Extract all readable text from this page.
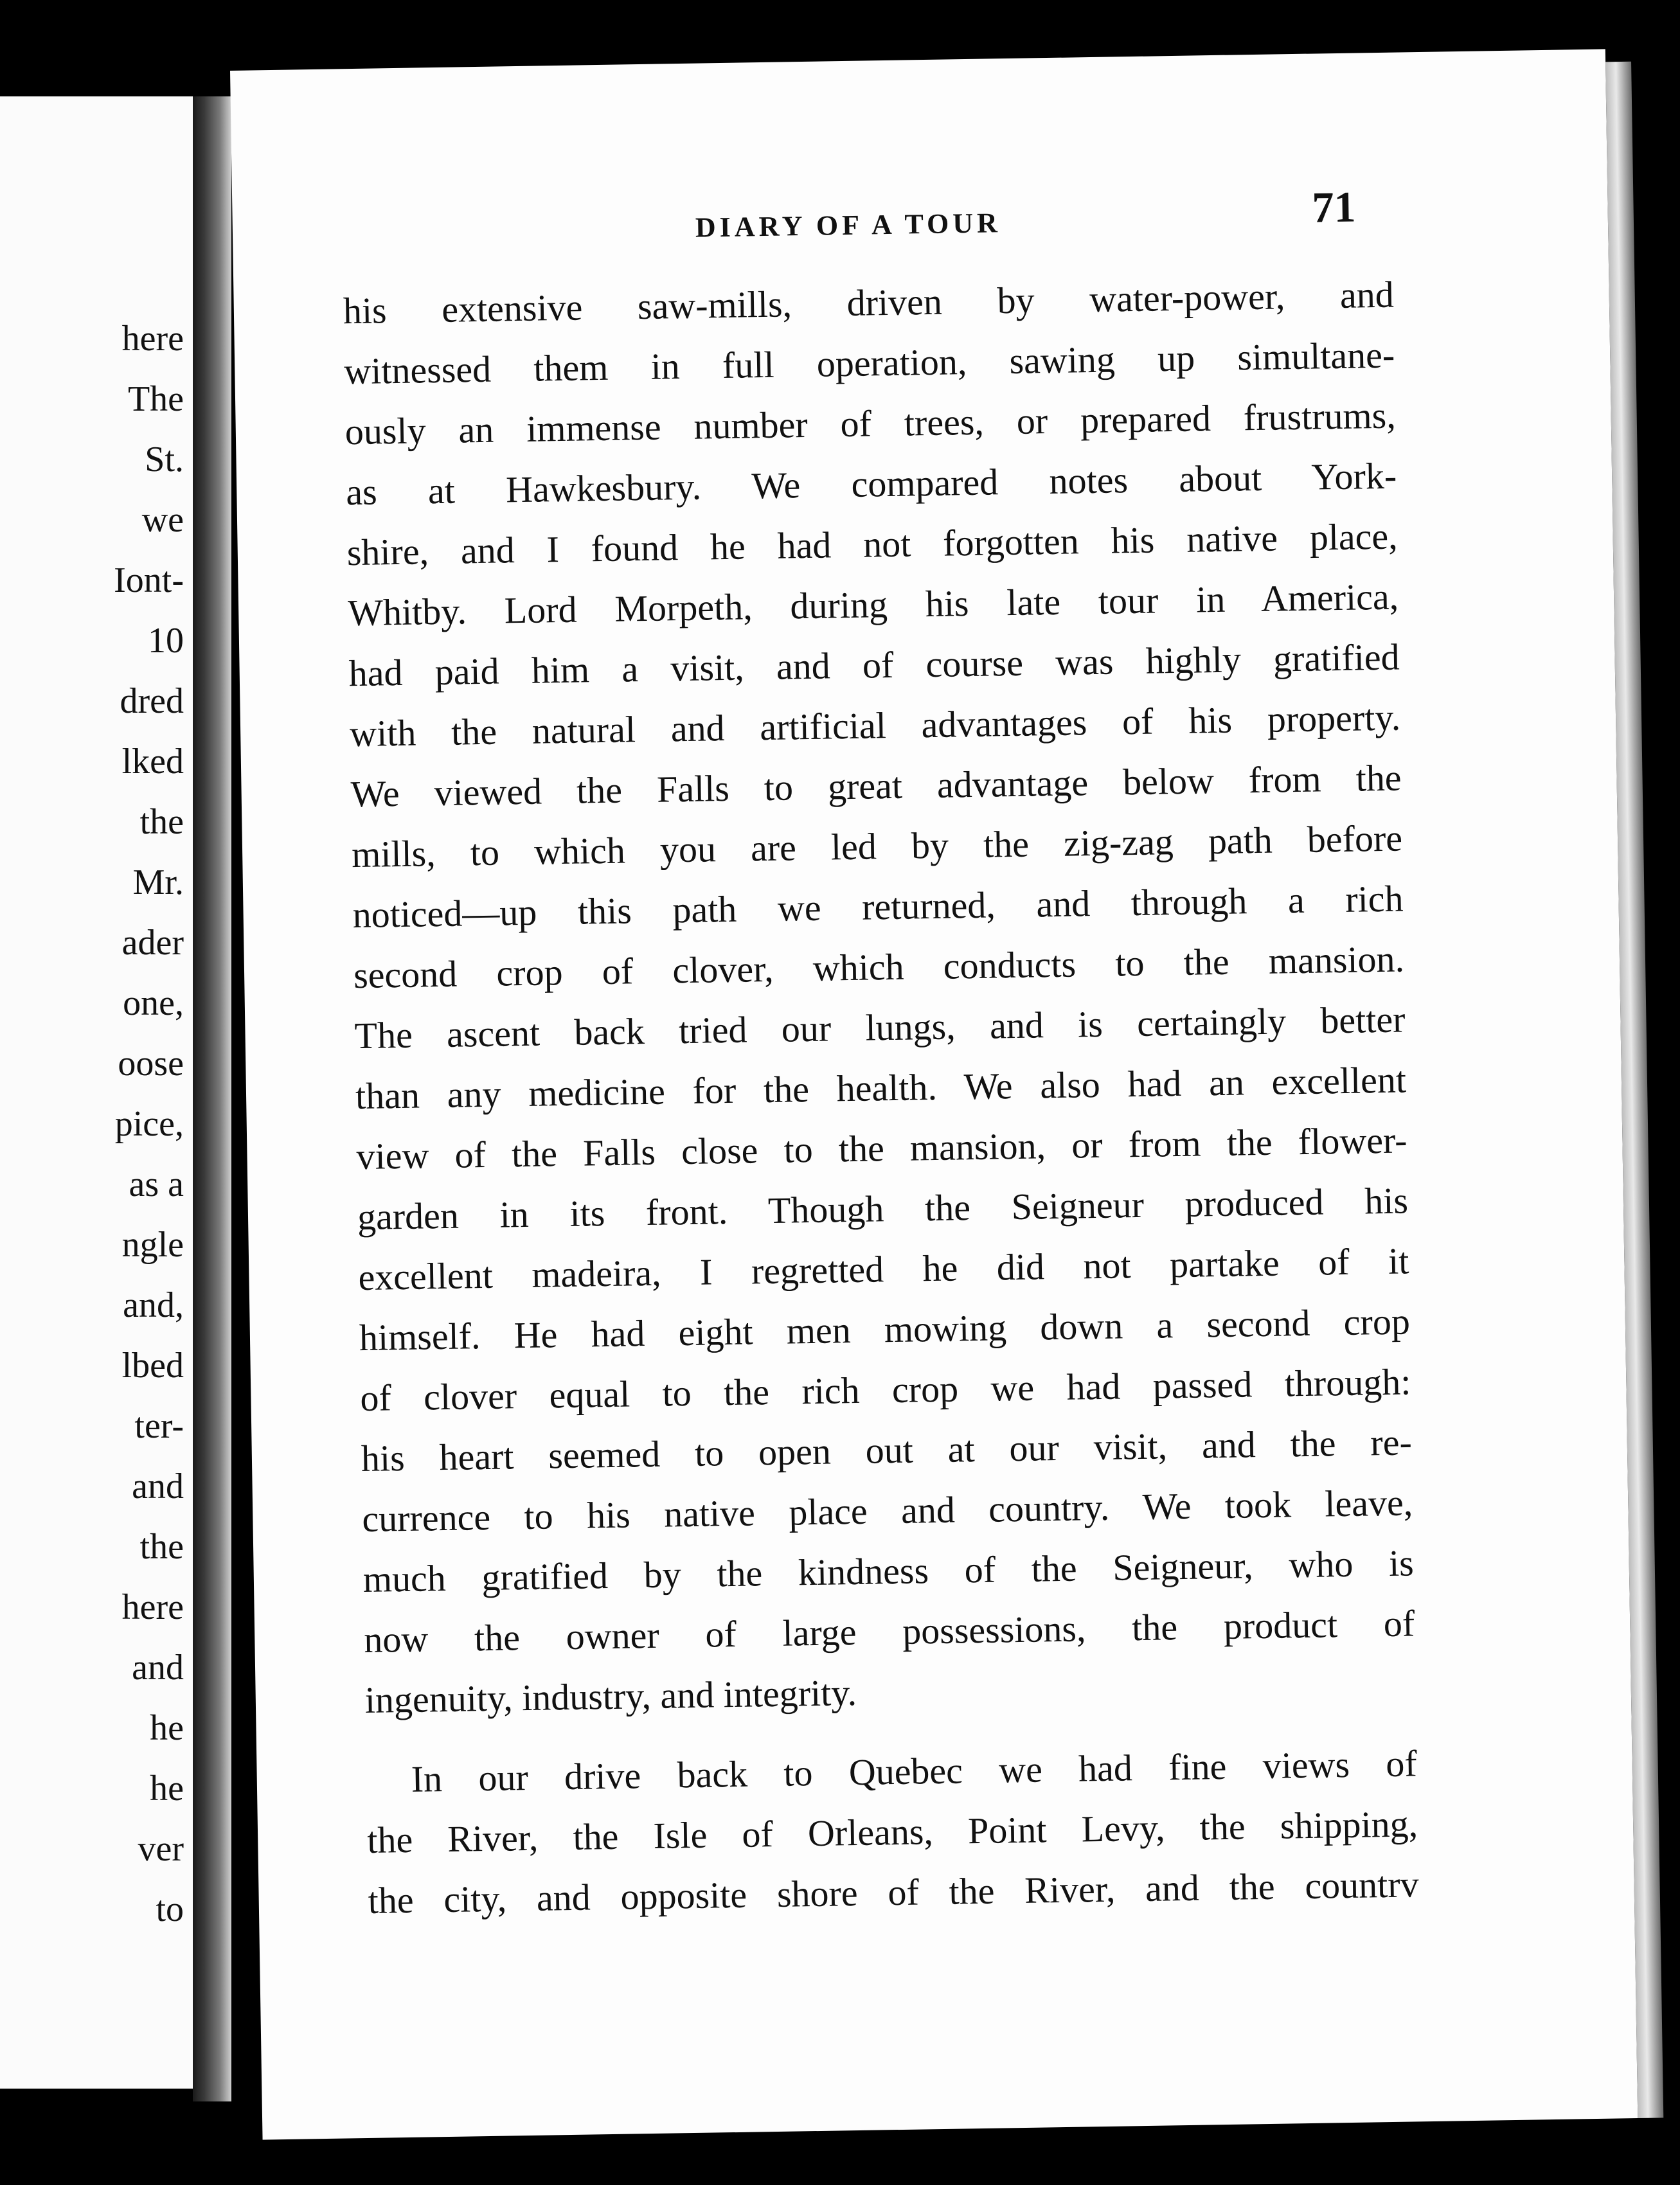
here
The
St.
we
Iont-
10
dred
lked
the
Mr.
ader
one,
oose
pice,
as a
ngle
and,
lbed
ter-
and
the
here
and
he
he
ver
to
DIARY OF A TOUR	71
his extensive saw-mills, driven by water-power, and
witnessed them in full operation, sawing up simultane-
ously an immense number of trees, or prepared frustrums,
as at Hawkesbury. We compared notes about York-
shire, and I found he had not forgotten his native place,
Whitby. Lord Morpeth, during his late tour in America,
had paid him a visit, and of course was highly gratified
with the natural and artificial advantages of his property.
We viewed the Falls to great advantage below from the
mills, to which you are led by the zig-zag path before
noticed—up this path we returned, and through a rich
second crop of clover, which conducts to the mansion.
The ascent back tried our lungs, and is certaingly better
than any medicine for the health. We also had an excellent
view of the Falls close to the mansion, or from the flower-
garden in its front. Though the Seigneur produced his
excellent madeira, I regretted he did not partake of it
himself. He had eight men mowing down a second crop
of clover equal to the rich crop we had passed through:
his heart seemed to open out at our visit, and the re-
currence to his native place and country. We took leave,
much gratified by the kindness of the Seigneur, who is
now the owner of large possessions, the product of
ingenuity, industry, and integrity.
In our drive back to Quebec we had fine views of
the River, the Isle of Orleans, Point Levy, the shipping,
the city, and opposite shore of the River, and the countrv
